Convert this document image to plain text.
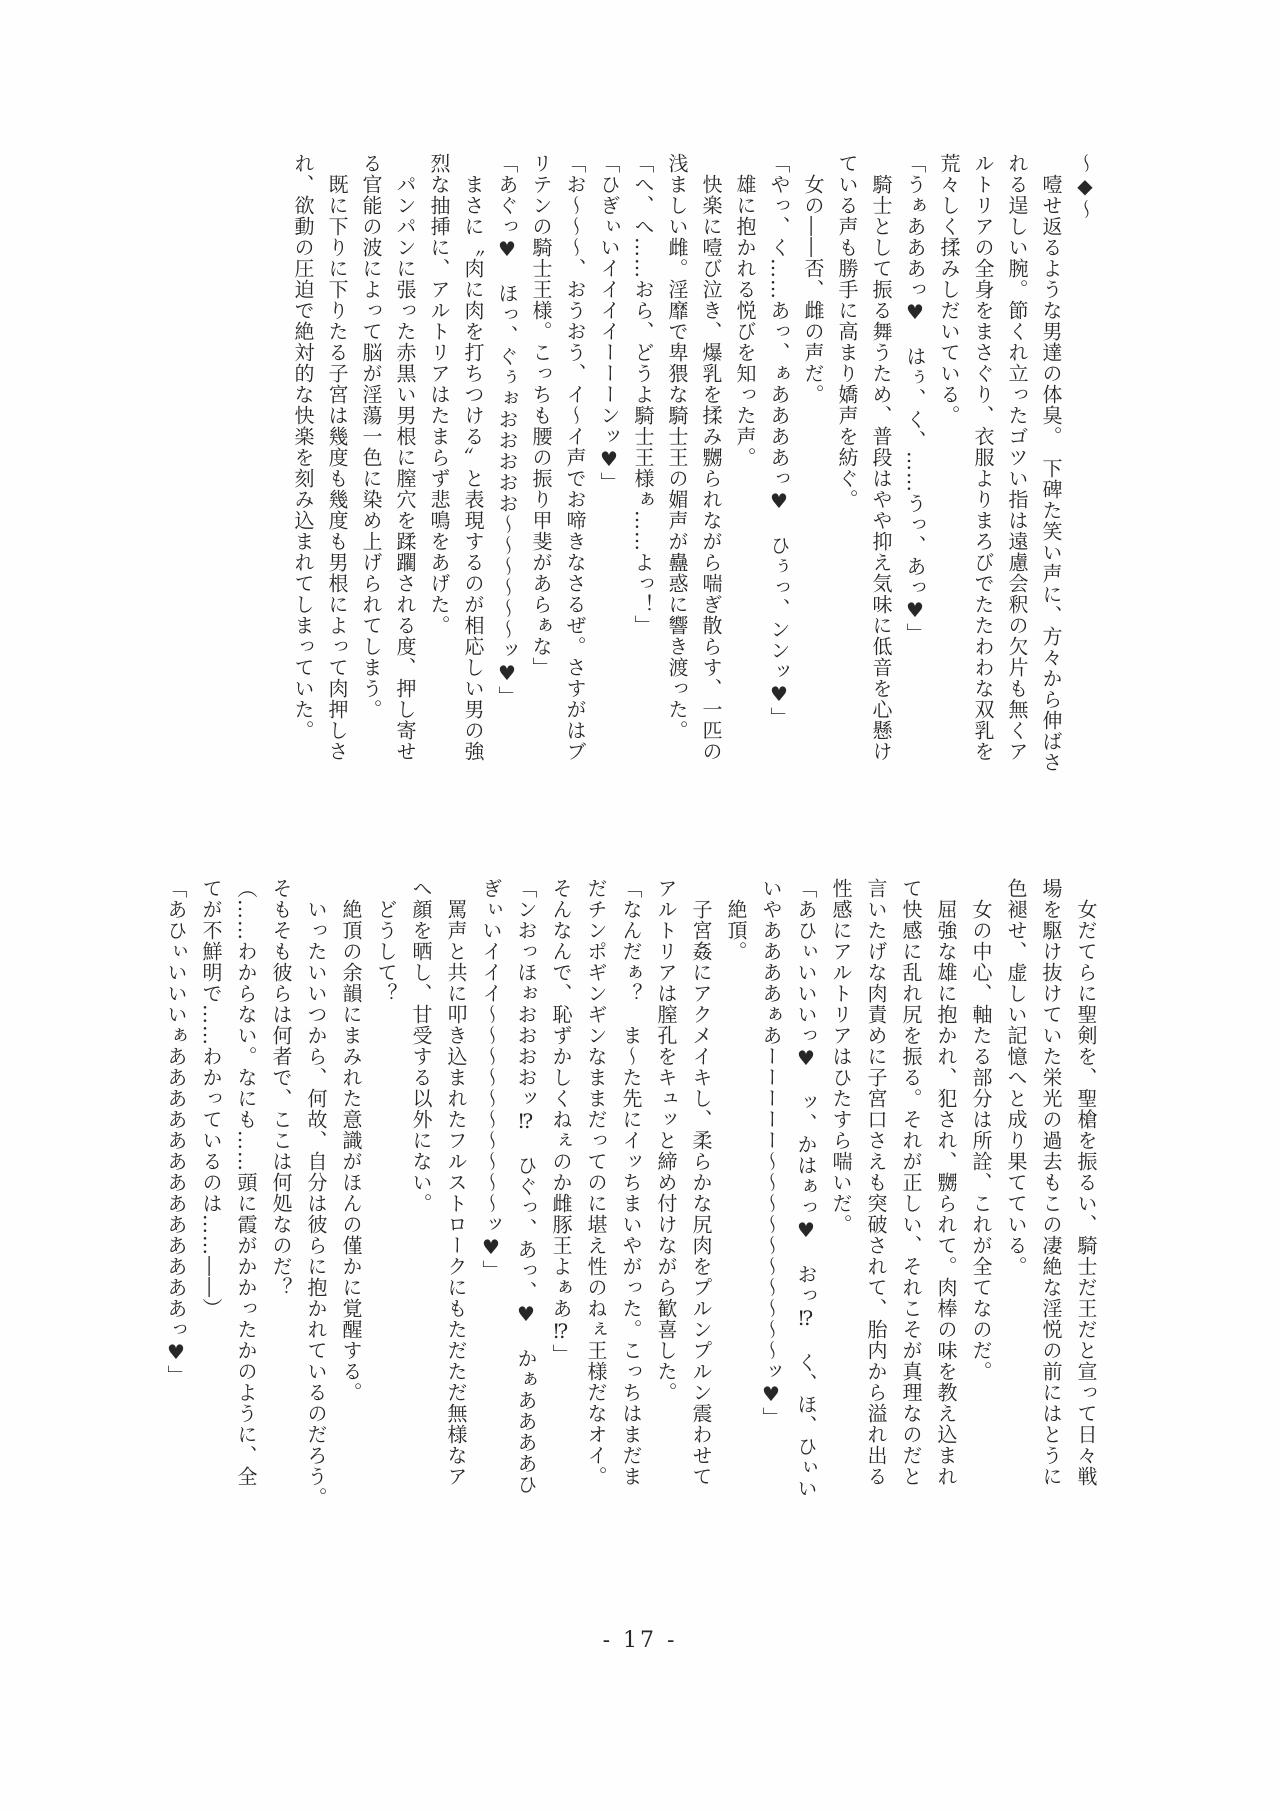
～◆～

　噎せ返るような男達の体臭。　下碑た笑い声に、方々から伸ばさ

れる逞しい腕。節くれ立ったゴツい指は遠慮会釈の欠片も無くア

ルトリアの全身をまさぐり、衣服よりまろびでたたわわな双乳を

荒々しく揉みしだいている。

「うぁあああっ♥　はぅ、く、……うっ、あっ♥」

　騎士として振る舞うため、普段はやや抑え気味に低音を心懸け

ている声も勝手に高まり嬌声を紡ぐ。

　女の――否、雌の声だ。

「やっ、く……あっ、ぁああああっ♥　ひぅっ、ンンッ♥」

　雄に抱かれる悦びを知った声。

　快楽に噎び泣き、爆乳を揉み嬲られながら喘ぎ散らす、一匹の

浅ましい雌。淫靡で卑猥な騎士王の媚声が蠱惑に響き渡った。

「へ、へ……おら、どうよ騎士王様ぁ……よっ！」

「ひぎぃいイイイイーーーンッ♥」

「お～～～、おうおう、イ～イ声でお啼きなさるぜ。さすがはブ

リテンの騎士王様。こっちも腰の振り甲斐があらぁな」

「あぐっ♥　ほっ、ぐぅぉおおおおお～～～～～～ッ♥」

　まさに〝肉に肉を打ちつける〟と表現するのが相応しい男の強

烈な抽挿に、アルトリアはたまらず悲鳴をあげた。

　パンパンに張った赤黒い男根に膣穴を蹂躙される度、押し寄せ

る官能の波によって脳が淫蕩一色に染め上げられてしまう。

　既に下りに下りたる子宮は幾度も幾度も男根によって肉押しさ

れ、欲動の圧迫で絶対的な快楽を刻み込まれてしまっていた。

　女だてらに聖剣を、聖槍を振るい、騎士だ王だと宣って日々戦

場を駆け抜けていた栄光の過去もこの凄絶な淫悦の前にはとうに

色褪せ、虚しい記憶へと成り果てている。

　女の中心、軸たる部分は所詮、これが全てなのだ。

　屈強な雄に抱かれ、犯され、嬲られて。肉棒の味を教え込まれ

て快感に乱れ尻を振る。それが正しい、それこそが真理なのだと

言いたげな肉責めに子宮口さえも突破されて、胎内から溢れ出る

性感にアルトリアはひたすら喘いだ。

「あひぃいいいっ♥　ッ、かはぁっ♥　おっ⁉　く、ほ、ひぃい

いやああああぁあーーーーー～～～～～～～～～～ッ♥」

　絶頂。

　子宮姦にアクメイキし、柔らかな尻肉をプルンプルン震わせて

アルトリアは膣孔をキュッと締め付けながら歓喜した。

「なんだぁ？　ま～た先にイッちまいやがった。こっちはまだま

だチンポギンギンなままだってのに堪え性のねぇ王様だなオイ。

そんなんで、恥ずかしくねぇのか雌豚王よぁあ⁉」

「ンおっほぉおおおおッ⁉　ひぐっ、あっ、♥　かぁああああひ

ぎぃいイイイ～～～～～～～～～～ッ♥」

　罵声と共に叩き込まれたフルストロークにもただただ無様なア

へ顔を晒し、甘受する以外にない。

　どうして？

　絶頂の余韻にまみれた意識がほんの僅かに覚醒する。

　いったいいつから、何故、自分は彼らに抱かれているのだろう。

そもそも彼らは何者で、ここは何処なのだ？

（……わからない。なにも……頭に霞がかかったかのように、全

てが不鮮明で……わかっているのは……――）

「あひぃいいいぁあああああああああああああっ♥」

- 17 -
